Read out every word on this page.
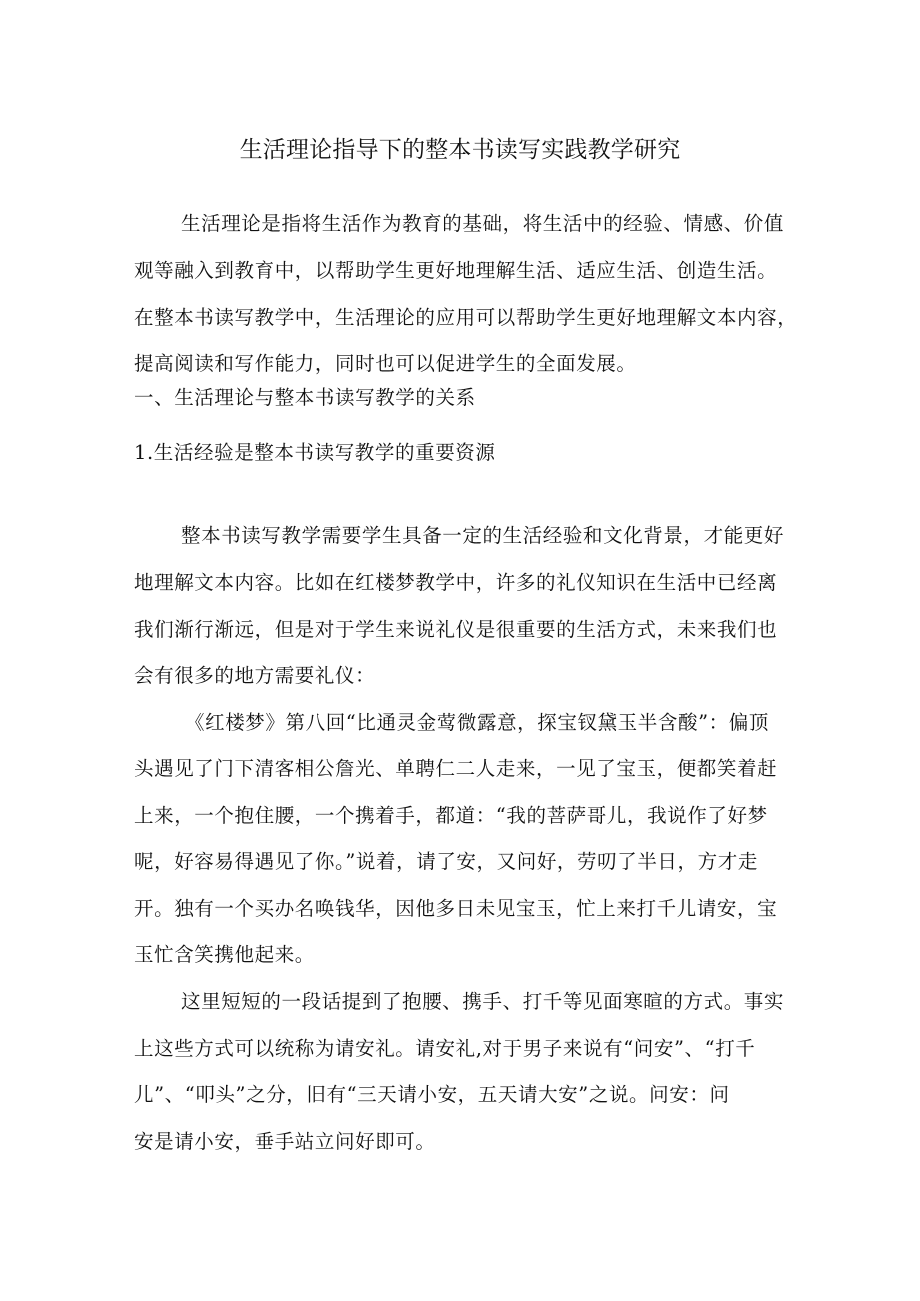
生活理论指导下的整本书读写实践教学研究
生活理论是指将生活作为教育的基础，将生活中的经验、情感、价值
观等融入到教育中，以帮助学生更好地理解生活、适应生活、创造生活。
在整本书读写教学中，生活理论的应用可以帮助学生更好地理解文本内容，
提高阅读和写作能力，同时也可以促进学生的全面发展。
一、生活理论与整本书读写教学的关系
1.生活经验是整本书读写教学的重要资源
整本书读写教学需要学生具备一定的生活经验和文化背景，才能更好
地理解文本内容。比如在红楼梦教学中，许多的礼仪知识在生活中已经离
我们渐行渐远，但是对于学生来说礼仪是很重要的生活方式，未来我们也
会有很多的地方需要礼仪：
《红楼梦》第八回“比通灵金莺微露意，探宝钗黛玉半含酸”：偏顶
头遇见了门下清客相公詹光、单聘仁二人走来，一见了宝玉，便都笑着赶
上来，一个抱住腰，一个携着手，都道：“我的菩萨哥儿，我说作了好梦
呢，好容易得遇见了你。”说着，请了安，又问好，劳叨了半日，方才走
开。独有一个买办名唤钱华，因他多日未见宝玉，忙上来打千儿请安，宝
玉忙含笑携他起来。
这里短短的一段话提到了抱腰、携手、打千等见面寒暄的方式。事实
上这些方式可以统称为请安礼。请安礼,对于男子来说有“问安”、“打千
儿”、“叩头”之分，旧有“三天请小安，五天请大安”之说。问安：问
安是请小安，垂手站立问好即可。
